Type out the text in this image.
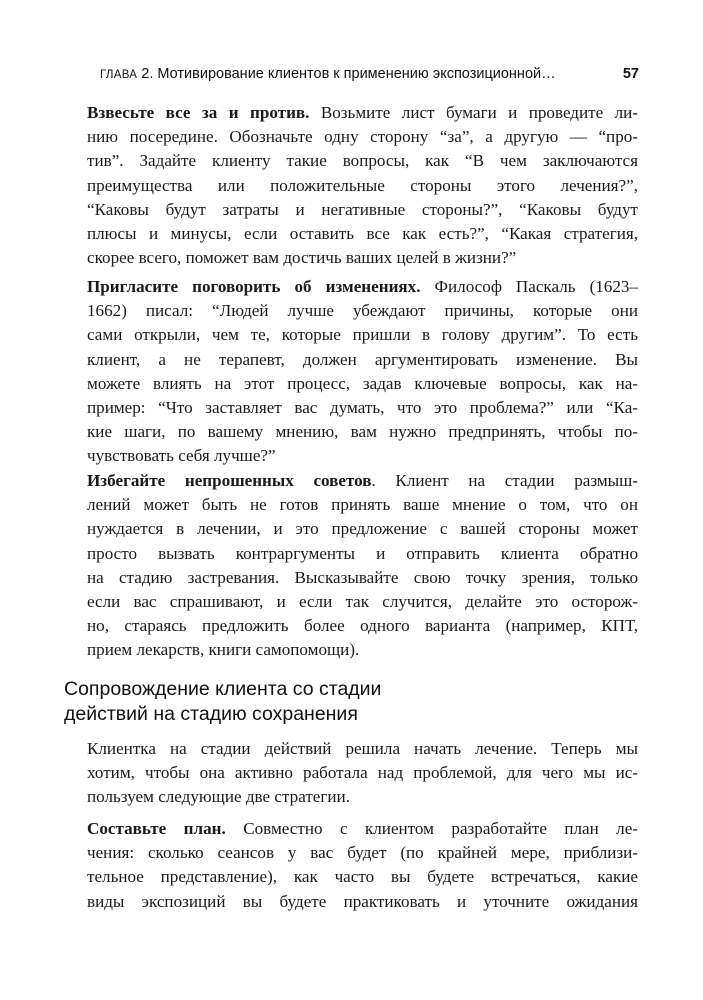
ГЛАВА 2. Мотивирование клиентов к применению экспозиционной…	57
Взвесьте все за и против. Возьмите лист бумаги и проведите ли-
нию посередине. Обозначьте одну сторону “за”, а другую — “про-
тив”. Задайте клиенту такие вопросы, как “В чем заключаются
преимущества или положительные стороны этого лечения?”,
“Каковы будут затраты и негативные стороны?”, “Каковы будут
плюсы и минусы, если оставить все как есть?”, “Какая стратегия,
скорее всего, поможет вам достичь ваших целей в жизни?”
Пригласите поговорить об изменениях. Философ Паскаль (1623–
1662) писал: “Людей лучше убеждают причины, которые они
сами открыли, чем те, которые пришли в голову другим”. То есть
клиент, а не терапевт, должен аргументировать изменение. Вы
можете влиять на этот процесс, задав ключевые вопросы, как на-
пример: “Что заставляет вас думать, что это проблема?” или “Ка-
кие шаги, по вашему мнению, вам нужно предпринять, чтобы по-
чувствовать себя лучше?”
Избегайте непрошенных советов. Клиент на стадии размыш-
лений может быть не готов принять ваше мнение о том, что он
нуждается в лечении, и это предложение с вашей стороны может
просто вызвать контраргументы и отправить клиента обратно
на стадию застревания. Высказывайте свою точку зрения, только
если вас спрашивают, и если так случится, делайте это осторож-
но, стараясь предложить более одного варианта (например, КПТ,
прием лекарств, книги самопомощи).
Сопровождение клиента со стадии
действий на стадию сохранения
Клиентка на стадии действий решила начать лечение. Теперь мы
хотим, чтобы она активно работала над проблемой, для чего мы ис-
пользуем следующие две стратегии.
Составьте план. Совместно с клиентом разработайте план ле-
чения: сколько сеансов у вас будет (по крайней мере, приблизи-
тельное представление), как часто вы будете встречаться, какие
виды экспозиций вы будете практиковать и уточните ожидания
